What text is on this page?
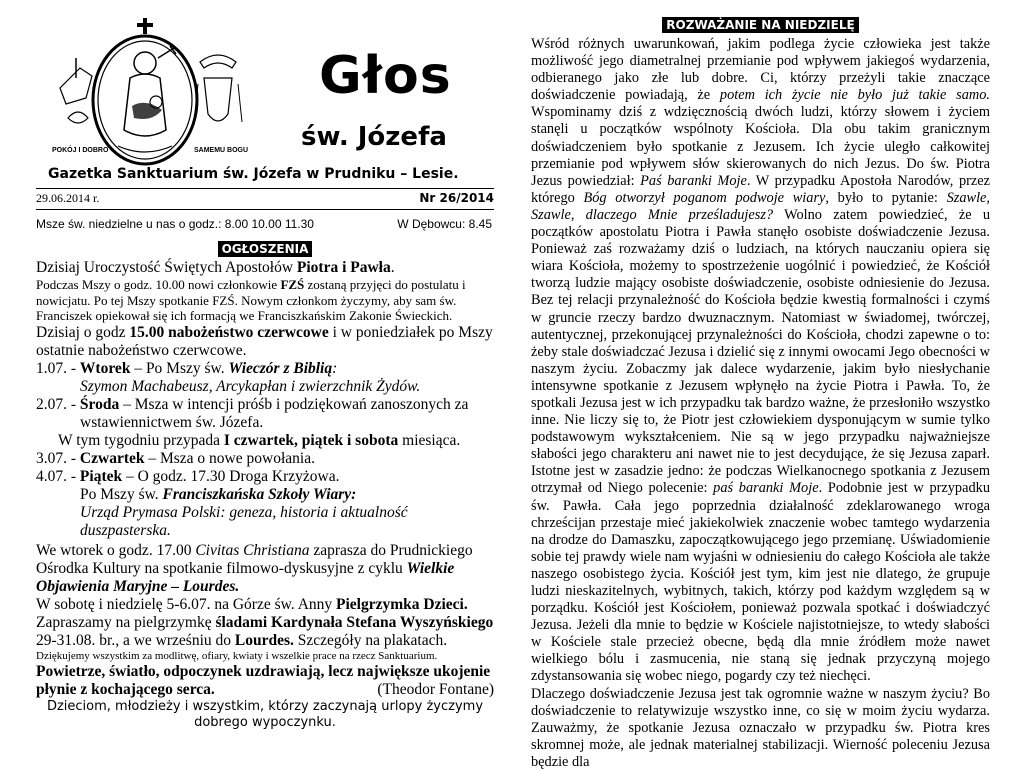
POKÓJ I DOBRO	SAMEMU BOGU
Głos
św. Józefa
Gazetka Sanktuarium św. Józefa w Prudniku – Lesie.
29.06.2014 r.	Nr 26/2014
Msze św. niedzielne u nas o godz.: 8.00 10.00 11.30	W Dębowcu: 8.45
OGŁOSZENIA

Dzisiaj Uroczystość Świętych Apostołów Piotra i Pawła.

Podczas Mszy o godz. 10.00 nowi członkowie FZŚ zostaną przyjęci do postulatu i nowicjatu. Po tej Mszy spotkanie FZŚ. Nowym członkom życzymy, aby sam św. Franciszek opiekował się ich formacją we Franciszkańskim Zakonie Świeckich.

Dzisiaj o godz 15.00 nabożeństwo czerwcowe i w poniedziałek po Mszy ostatnie nabożeństwo czerwcowe.

1.07. - Wtorek – Po Mszy św. Wieczór z Biblią:

Szymon Machabeusz, Arcykapłan i zwierzchnik Żydów.

2.07. - Środa – Msza w intencji próśb i podziękowań zanoszonych za wstawiennictwem św. Józefa.

W tym tygodniu przypada I czwartek, piątek i sobota miesiąca.

3.07. - Czwartek – Msza o nowe powołania.

4.07. - Piątek – O godz. 17.30 Droga Krzyżowa.

Po Mszy św. Franciszkańska Szkoły Wiary:

Urząd Prymasa Polski: geneza, historia i aktualność duszpasterska.

We wtorek o godz. 17.00 Civitas Christiana zaprasza do Prudnickiego Ośrodka Kultury na spotkanie filmowo-dyskusyjne z cyklu Wielkie Objawienia Maryjne – Lourdes.

W sobotę i niedzielę 5-6.07. na Górze św. Anny Pielgrzymka Dzieci.

Zapraszamy na pielgrzymkę śladami Kardynała Stefana Wyszyńskiego 29-31.08. br., a we wrześniu do Lourdes. Szczegóły na plakatach.

Dziękujemy wszystkim za modlitwę, ofiary, kwiaty i wszelkie prace na rzecz Sanktuarium.

Powietrze, światło, odpoczynek uzdrawiają, lecz największe ukojenie płynie z kochającego serca.	(Theodor Fontane)

Dzieciom, młodzieży i wszystkim, którzy zaczynają urlopy życzymy dobrego wypoczynku.

ROZWAŻANIE NA NIEDZIELĘ

Wśród różnych uwarunkowań, jakim podlega życie człowieka jest także możliwość jego diametralnej przemianie pod wpływem jakiegoś wydarzenia, odbieranego jako złe lub dobre. Ci, którzy przeżyli takie znaczące doświadczenie powiadają, że potem ich życie nie było już takie samo. Wspominamy dziś z wdzięcznością dwóch ludzi, którzy słowem i życiem stanęli u początków wspólnoty Kościoła. Dla obu takim granicznym doświadczeniem było spotkanie z Jezusem. Ich życie uległo całkowitej przemianie pod wpływem słów skierowanych do nich Jezus. Do św. Piotra Jezus powiedział: Paś baranki Moje. W przypadku Apostoła Narodów, przez którego Bóg otworzył poganom podwoje wiary, było to pytanie: Szawle, Szawle, dlaczego Mnie prześladujesz? Wolno zatem powiedzieć, że u początków apostolatu Piotra i Pawła stanęło osobiste doświadczenie Jezusa. Ponieważ zaś rozważamy dziś o ludziach, na których nauczaniu opiera się wiara Kościoła, możemy to spostrzeżenie uogólnić i powiedzieć, że Kościół tworzą ludzie mający osobiste doświadczenie, osobiste odniesienie do Jezusa. Bez tej relacji przynależność do Kościoła będzie kwestią formalności i czymś w gruncie rzeczy bardzo dwuznacznym. Natomiast w świadomej, twórczej, autentycznej, przekonującej przynależności do Kościoła, chodzi zapewne o to: żeby stale doświadczać Jezusa i dzielić się z innymi owocami Jego obecności w naszym życiu. Zobaczmy jak dalece wydarzenie, jakim było niesłychanie intensywne spotkanie z Jezusem wpłynęło na życie Piotra i Pawła. To, że spotkali Jezusa jest w ich przypadku tak bardzo ważne, że przesłoniło wszystko inne. Nie liczy się to, że Piotr jest człowiekiem dysponującym w sumie tylko podstawowym wykształceniem. Nie są w jego przypadku najważniejsze słabości jego charakteru ani nawet nie to jest decydujące, że się Jezusa zaparł. Istotne jest w zasadzie jedno: że podczas Wielkanocnego spotkania z Jezusem otrzymał od Niego polecenie: paś baranki Moje. Podobnie jest w przypadku św. Pawła. Cała jego poprzednia działalność zdeklarowanego wroga chrześcijan przestaje mieć jakiekolwiek znaczenie wobec tamtego wydarzenia na drodze do Damaszku, zapoczątkowującego jego przemianę. Uświadomienie sobie tej prawdy wiele nam wyjaśni w odniesieniu do całego Kościoła ale także naszego osobistego życia. Kościół jest tym, kim jest nie dlatego, że grupuje ludzi nieskazitelnych, wybitnych, takich, którzy pod każdym względem są w porządku. Kościół jest Kościołem, ponieważ pozwala spotkać i doświadczyć Jezusa. Jeżeli dla mnie to będzie w Kościele najistotniejsze, to wtedy słabości w Kościele stale przecież obecne, będą dla mnie źródłem może nawet wielkiego bólu i zasmucenia, nie staną się jednak przyczyną mojego zdystansowania się wobec niego, pogardy czy też niechęci.

Dlaczego doświadczenie Jezusa jest tak ogromnie ważne w naszym życiu? Bo doświadczenie to relatywizuje wszystko inne, co się w moim życiu wydarza. Zauważmy, że spotkanie Jezusa oznaczało w przypadku św. Piotra kres skromnej może, ale jednak materialnej stabilizacji. Wierność poleceniu Jezusa będzie dla
